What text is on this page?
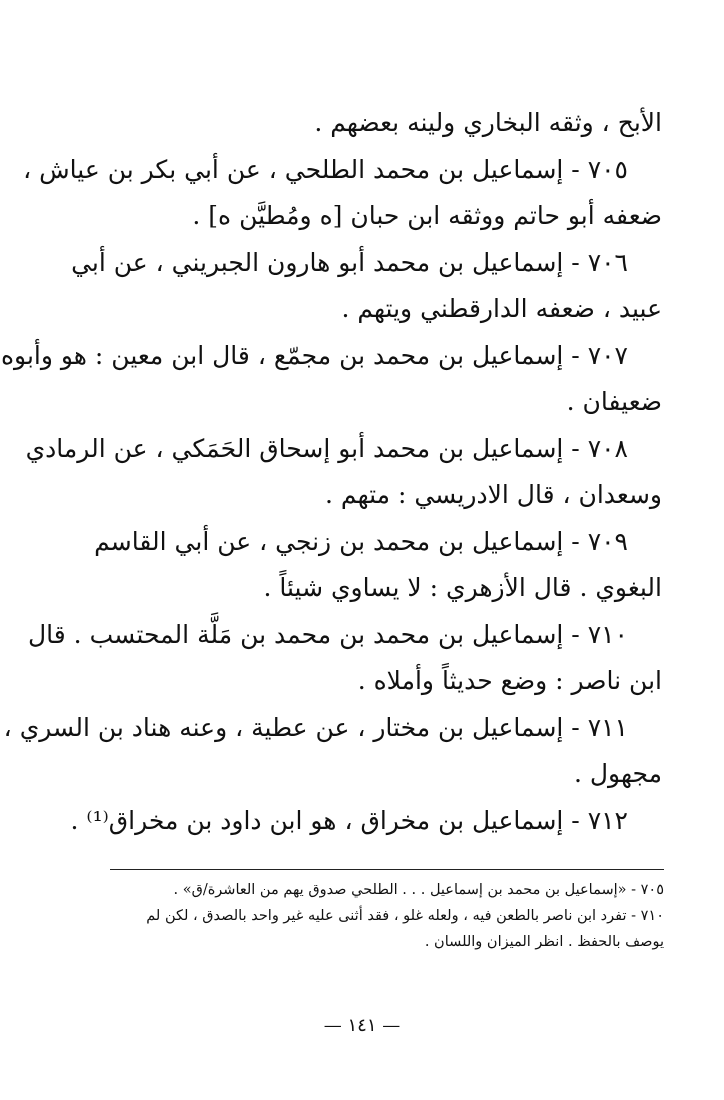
الأبح ، وثقه البخاري ولينه بعضهم .
٧٠٥ - إسماعيل بن محمد الطلحي ، عن أبي بكر بن عياش ،
ضعفه أبو حاتم ووثقه ابن حبان [ه ومُطيَّن ه] .
٧٠٦ - إسماعيل بن محمد أبو هارون الجبريني ، عن أبي
عبيد ، ضعفه الدارقطني ويتهم .
٧٠٧ - إسماعيل بن محمد بن مجمّع ، قال ابن معين : هو وأبوه
ضعيفان .
٧٠٨ - إسماعيل بن محمد أبو إسحاق الحَمَكي ، عن الرمادي
وسعدان ، قال الادريسي : متهم .
٧٠٩ - إسماعيل بن محمد بن زنجي ، عن أبي القاسم
البغوي . قال الأزهري : لا يساوي شيئاً .
٧١٠ - إسماعيل بن محمد بن محمد بن مَلَّة المحتسب . قال
ابن ناصر : وضع حديثاً وأملاه .
٧١١ - إسماعيل بن مختار ، عن عطية ، وعنه هناد بن السري ،
مجهول .
٧١٢ - إسماعيل بن مخراق ، هو ابن داود بن مخراق⁽¹⁾ .
٧٠٥ - «إسماعيل بن محمد بن إسماعيل . . . الطلحي صدوق يهم من العاشرة/ق» .
٧١٠ - تفرد ابن ناصر بالطعن فيه ، ولعله غلو ، فقد أثنى عليه غير واحد بالصدق ، لكن لم
يوصف بالحفظ . انظر الميزان واللسان .
— ١٤١ —
